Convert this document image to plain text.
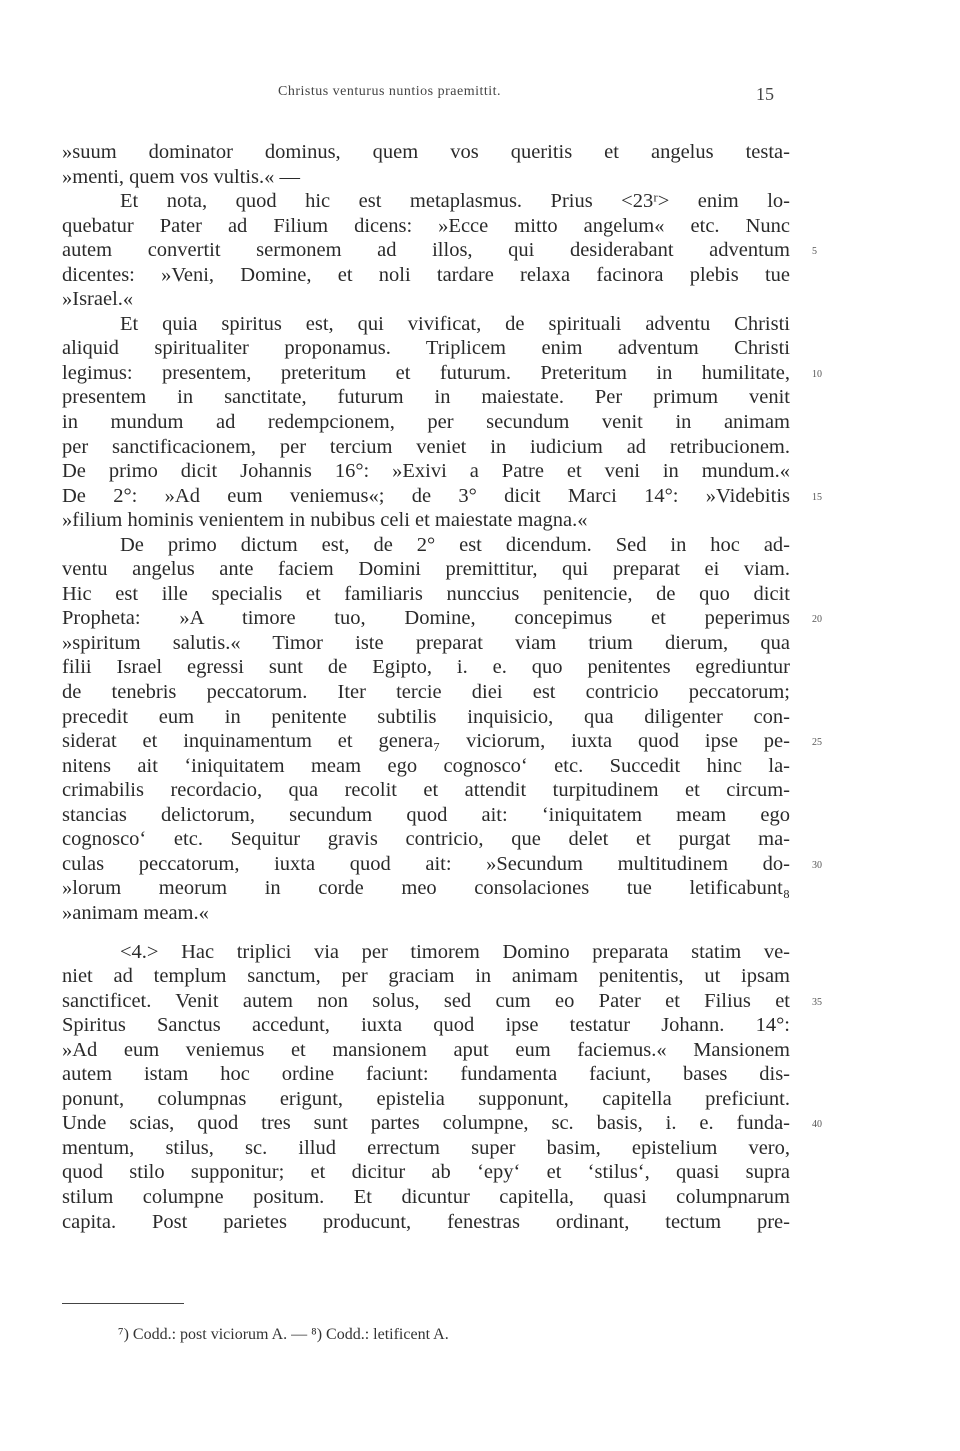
Christus venturus nuntios praemittit.	15
»suum dominator dominus, quem vos queritis et angelus testa-
»menti, quem vos vultis.« —
Et nota, quod hic est metaplasmus. Prius <23ʳ> enim lo-
quebatur Pater ad Filium dicens: »Ecce mitto angelum« etc. Nunc
autem convertit sermonem ad illos, qui desiderabant adventum
dicentes: »Veni, Domine, et noli tardare relaxa facinora plebis tue
»Israel.«
Et quia spiritus est, qui vivificat, de spirituali adventu Christi
aliquid spiritualiter proponamus. Triplicem enim adventum Christi
legimus: presentem, preteritum et futurum. Preteritum in humilitate,
presentem in sanctitate, futurum in maiestate. Per primum venit
in mundum ad redempcionem, per secundum venit in animam
per sanctificacionem, per tercium veniet in iudicium ad retribucionem.
De primo dicit Johannis 16°: »Exivi a Patre et veni in mundum.«
De 2°: »Ad eum veniemus«; de 3° dicit Marci 14°: »Videbitis
»filium hominis venientem in nubibus celi et maiestate magna.«
De primo dictum est, de 2° est dicendum. Sed in hoc ad-
ventu angelus ante faciem Domini premittitur, qui preparat ei viam.
Hic est ille specialis et familiaris nunccius penitencie, de quo dicit
Propheta: »A timore tuo, Domine, concepimus et peperimus
»spiritum salutis.« Timor iste preparat viam trium dierum, qua
filii Israel egressi sunt de Egipto, i. e. quo penitentes egrediuntur
de tenebris peccatorum. Iter tercie diei est contricio peccatorum;
precedit eum in penitente subtilis inquisicio, qua diligenter con-
siderat et inquinamentum et genera₇ viciorum, iuxta quod ipse pe-
nitens ait ‘iniquitatem meam ego cognosco‘ etc. Succedit hinc la-
crimabilis recordacio, qua recolit et attendit turpitudinem et circum-
stancias delictorum, secundum quod ait: ‘iniquitatem meam ego
cognosco‘ etc. Sequitur gravis contricio, que delet et purgat ma-
culas peccatorum, iuxta quod ait: »Secundum multitudinem do-
»lorum meorum in corde meo consolaciones tue letificabunt₈
»animam meam.«
<4.> Hac triplici via per timorem Domino preparata statim ve-
niet ad templum sanctum, per graciam in animam penitentis, ut ipsam
sanctificet. Venit autem non solus, sed cum eo Pater et Filius et
Spiritus Sanctus accedunt, iuxta quod ipse testatur Johann. 14°:
»Ad eum veniemus et mansionem aput eum faciemus.« Mansionem
autem istam hoc ordine faciunt: fundamenta faciunt, bases dis-
ponunt, columpnas erigunt, epistelia supponunt, capitella preficiunt.
Unde scias, quod tres sunt partes columpne, sc. basis, i. e. funda-
mentum, stilus, sc. illud errectum super basim, epistelium vero,
quod stilo supponitur; et dicitur ab ‘epy‘ et ‘stilus‘, quasi supra
stilum columpne positum. Et dicuntur capitella, quasi columpnarum
capita. Post parietes producunt, fenestras ordinant, tectum pre-
5
10
15
20
25
30
35
40
⁷) Codd.: post viciorum A. — ⁸) Codd.: letificent A.
